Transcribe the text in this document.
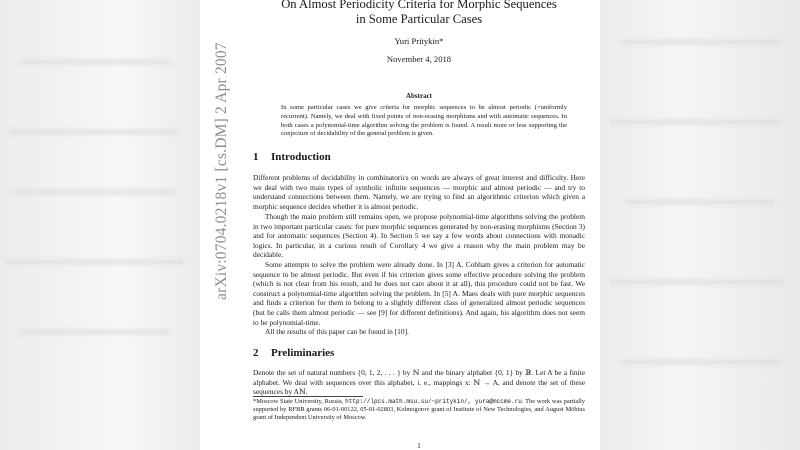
On Almost Periodicity Criteria for Morphic Sequences
in Some Particular Cases
Yuri Pritykin*
November 4, 2018
Abstract
In some particular cases we give criteria for morphic sequences to be almost periodic (=uniformly recurrent). Namely, we deal with fixed points of non-erasing morphisms and with automatic sequences. In both cases a polynomial-time algorithm solving the problem is found. A result more or less supporting the conjecture of decidability of the general problem is given.
1 Introduction
Different problems of decidability in combinatorics on words are always of great interest and difficulty. Here we deal with two main types of symbolic infinite sequences — morphic and almost periodic — and try to understand connections between them. Namely, we are trying to find an algorithmic criterion which given a morphic sequence decides whether it is almost periodic.
Though the main problem still remains open, we propose polynomial-time algorithms solving the problem in two important particular cases: for pure morphic sequences generated by non-erasing morphisms (Section 3) and for automatic sequences (Section 4). In Section 5 we say a few words about connections with monadic logics. In particular, in a curious result of Corollary 4 we give a reason why the main problem may be decidable.
Some attempts to solve the problem were already done. In [3] A. Cobham gives a criterion for automatic sequence to be almost periodic. But even if his criterion gives some effective procedure solving the problem (which is not clear from his result, and he does not care about it at all), this procedure could not be fast. We construct a polynomial-time algorithm solving the problem. In [5] A. Maes deals with pure morphic sequences and finds a criterion for them to belong to a slightly different class of generalized almost periodic sequences (but he calls them almost periodic — see [9] for different definitions). And again, his algorithm does not seem to be polynomial-time.
All the results of this paper can be found in [10].
2 Preliminaries
Denote the set of natural numbers {0, 1, 2, . . . } by ℕ and the binary alphabet {0, 1} by 𝔹. Let A be a finite alphabet. We deal with sequences over this alphabet, i. e., mappings x: ℕ → A, and denote the set of these sequences by Aℕ.
*Moscow State University, Russia, http://lpcs.math.msu.su/~pritykin/, yura@mccme.ru. The work was partially supported by RFBR grants 06-01-00122, 05-01-02803, Kolmogorov grant of Institute of New Technologies, and August Möbius grant of Independent University of Moscow.
1
arXiv:0704.0218v1 [cs.DM] 2 Apr 2007
